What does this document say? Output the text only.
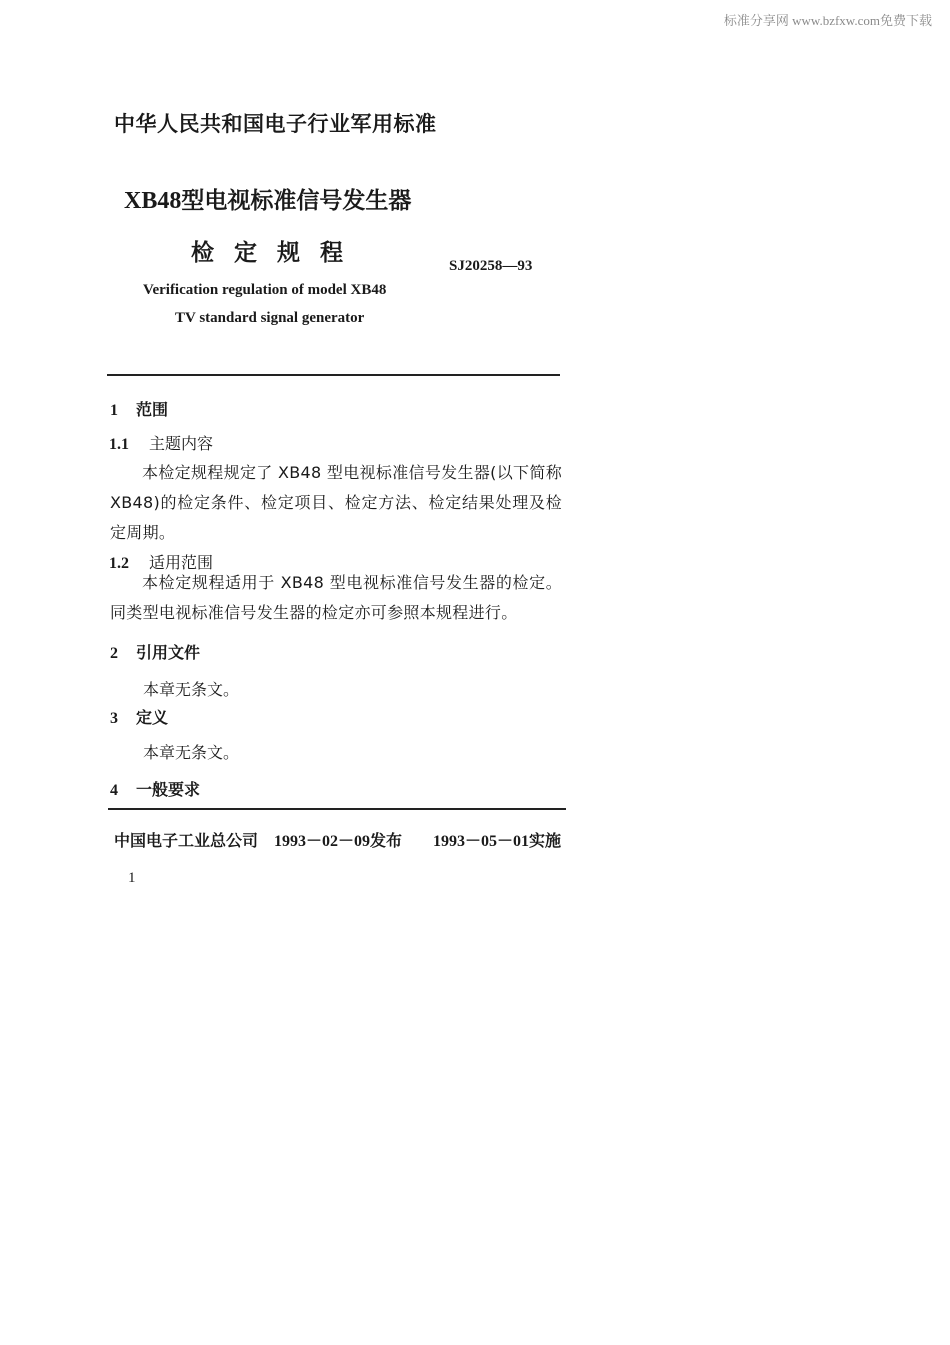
标准分享网 www.bzfxw.com免费下载
中华人民共和国电子行业军用标准
XB48型电视标准信号发生器
检定规程	SJ20258—93
Verification regulation of model XB48
TV standard signal generator
1 范围
1.1 主题内容
本检定规程规定了 XB48 型电视标准信号发生器(以下简称XB48)的检定条件、检定项目、检定方法、检定结果处理及检定周期。
1.2 适用范围
本检定规程适用于 XB48 型电视标准信号发生器的检定。同类型电视标准信号发生器的检定亦可参照本规程进行。
2 引用文件
本章无条文。
3 定义
本章无条文。
4 一般要求
中国电子工业总公司 1993－02－09发布 1993－05－01实施
1
